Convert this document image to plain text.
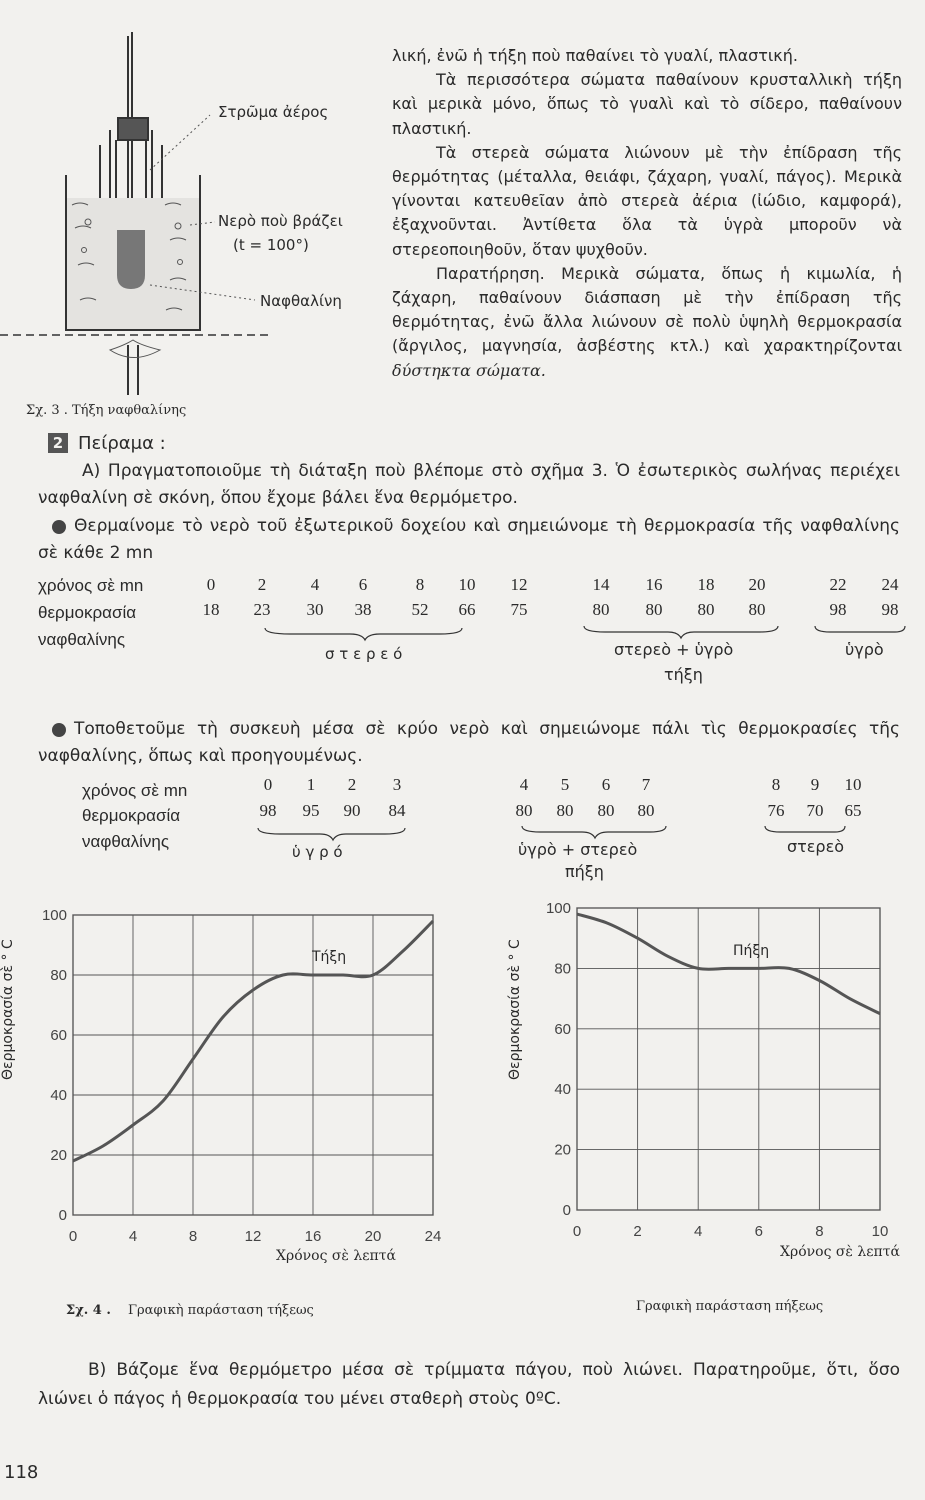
Στρῶμα ἀέρος
Νερὸ ποὺ βράζει
(t = 100°)
Ναφθαλίνη
Σχ. 3 . Τήξη ναφθαλίνης

λική, ἐνῶ ἡ τήξη ποὺ παθαίνει τὸ γυαλί, πλαστική.

Τὰ περισσότερα σώματα παθαίνουν κρυσταλλικὴ τήξη καὶ μερικὰ μόνο, ὅπως τὸ γυαλὶ καὶ τὸ σίδερο, παθαίνουν πλαστική.

Τὰ στερεὰ σώματα λιώνουν μὲ τὴν ἐπίδραση τῆς θερμότητας (μέταλλα, θειάφι, ζάχαρη, γυαλί, πάγος). Μερικὰ γίνονται κατευθεῖαν ἀπὸ στερεὰ ἀέρια (ἰώδιο, καμφορά), ἐξαχνοῦνται. Ἀντίθετα ὅλα τὰ ὑγρὰ μποροῦν νὰ στερεοποιηθοῦν, ὅταν ψυχθοῦν.

Παρατήρηση. Μερικὰ σώματα, ὅπως ἡ κιμωλία, ἡ ζάχαρη, παθαίνουν διάσπαση μὲ τὴν ἐπίδραση τῆς θερμότητας, ἐνῶ ἄλλα λιώνουν σὲ πολὺ ὑψηλὴ θερμοκρασία (ἄργιλος, μαγνησία, ἀσβέστης κτλ.) καὶ χαρακτηρίζονται δύστηκτα σώματα.

2 Πείραμα :
Α) Πραγματοποιοῦμε τὴ διάταξη ποὺ βλέπομε στὸ σχῆμα 3. Ὁ ἐσωτερικὸς σωλήνας περιέχει ναφθαλίνη σὲ σκόνη, ὅπου ἔχομε βάλει ἕνα θερμόμετρο.
Θερμαίνομε τὸ νερὸ τοῦ ἐξωτερικοῦ δοχείου καὶ σημειώνομε τὴ θερμοκρασία τῆς ναφθαλίνης σὲ κάθε 2 mn
χρόνος σὲ mn
θερμοκρασία
ναφθαλίνης
0	2	4	6	8	10	12	14	16	18	20	22	24
18	23	30	38	52	66	75	80	80	80	80	98	98
σ τ ε ρ ε ό	στερεὸ + ὑγρὸ
τήξη
ὑγρὸ
Τοποθετοῦμε τὴ συσκευὴ μέσα σὲ κρύο νερὸ καὶ σημειώνομε πάλι τὶς θερμοκρασίες τῆς ναφθαλίνης, ὅπως καὶ προηγουμένως.
χρόνος σὲ mn
θερμοκρασία
ναφθαλίνης
0	1	2	3	4	5	6	7	8	9	10
98	95	90	84	80	80	80	80	76	70	65
ὑ γ ρ ό	ὑγρὸ + στερεὸ
πήξη
στερεὸ
0	4	8	12	16	20	24
0
20
40
60
80
100
0	2	4	6	8	10
0
20
40
60
80
100
Θερμοκρασία σὲ ° C	Θερμοκρασία σὲ ° C
Χρόνος σὲ λεπτά	Χρόνος σὲ λεπτά
Τήξη	Πήξη
Σχ. 4 . Γραφικὴ παράσταση τήξεως	Γραφικὴ παράσταση πήξεως
Β) Βάζομε ἕνα θερμόμετρο μέσα σὲ τρίμματα πάγου, ποὺ λιώνει. Παρατηροῦμε, ὅτι, ὅσο λιώνει ὁ πάγος ἡ θερμοκρασία του μένει σταθερὴ στοὺς 0ºC.
118
